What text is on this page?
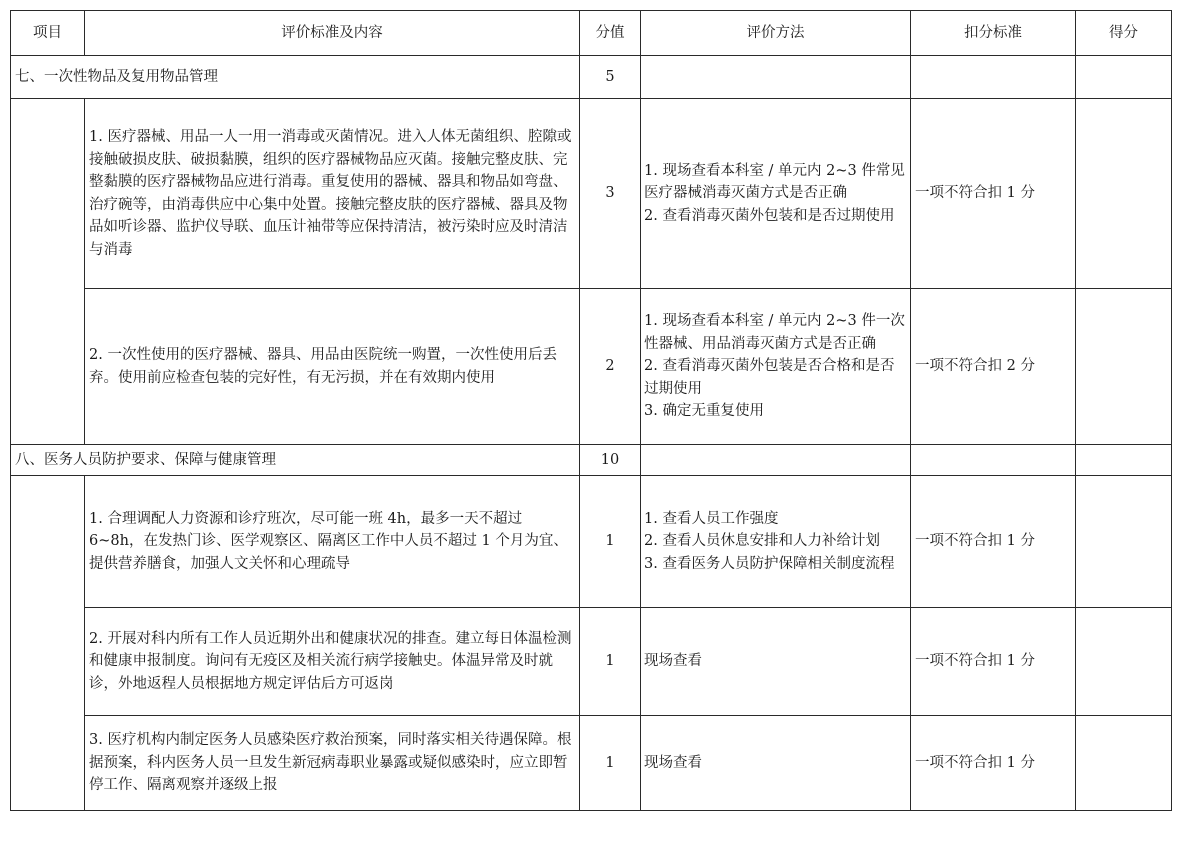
项目	评价标准及内容	分值	评价方法	扣分标准	得分
七、一次性物品及复用物品管理		5			
	1. 医疗器械、用品一人一用一消毒或灭菌情况。进入人体无菌组织、腔隙或接触破损皮肤、破损黏膜，组织的医疗器械物品应灭菌。接触完整皮肤、完整黏膜的医疗器械物品应进行消毒。重复使用的器械、器具和物品如弯盘、治疗碗等，由消毒供应中心集中处置。接触完整皮肤的医疗器械、器具及物品如听诊器、监护仪导联、血压计袖带等应保持清洁，被污染时应及时清洁与消毒	3	1. 现场查看本科室 / 单元内 2~3 件常见医疗器械消毒灭菌方式是否正确
2. 查看消毒灭菌外包装和是否过期使用	一项不符合扣 1 分	
	2. 一次性使用的医疗器械、器具、用品由医院统一购置，一次性使用后丢弃。使用前应检查包装的完好性，有无污损，并在有效期内使用	2	1. 现场查看本科室 / 单元内 2~3 件一次性器械、用品消毒灭菌方式是否正确
2. 查看消毒灭菌外包装是否合格和是否过期使用
3. 确定无重复使用	一项不符合扣 2 分	
八、医务人员防护要求、保障与健康管理		10			
	1. 合理调配人力资源和诊疗班次，尽可能一班 4h，最多一天不超过 6~8h，在发热门诊、医学观察区、隔离区工作中人员不超过 1 个月为宜、提供营养膳食，加强人文关怀和心理疏导	1	1. 查看人员工作强度
2. 查看人员休息安排和人力补给计划
3. 查看医务人员防护保障相关制度流程	一项不符合扣 1 分	
	2. 开展对科内所有工作人员近期外出和健康状况的排查。建立每日体温检测和健康申报制度。询问有无疫区及相关流行病学接触史。体温异常及时就诊，外地返程人员根据地方规定评估后方可返岗	1	现场查看	一项不符合扣 1 分	
	3. 医疗机构内制定医务人员感染医疗救治预案，同时落实相关待遇保障。根据预案，科内医务人员一旦发生新冠病毒职业暴露或疑似感染时，应立即暂停工作、隔离观察并逐级上报	1	现场查看	一项不符合扣 1 分	
